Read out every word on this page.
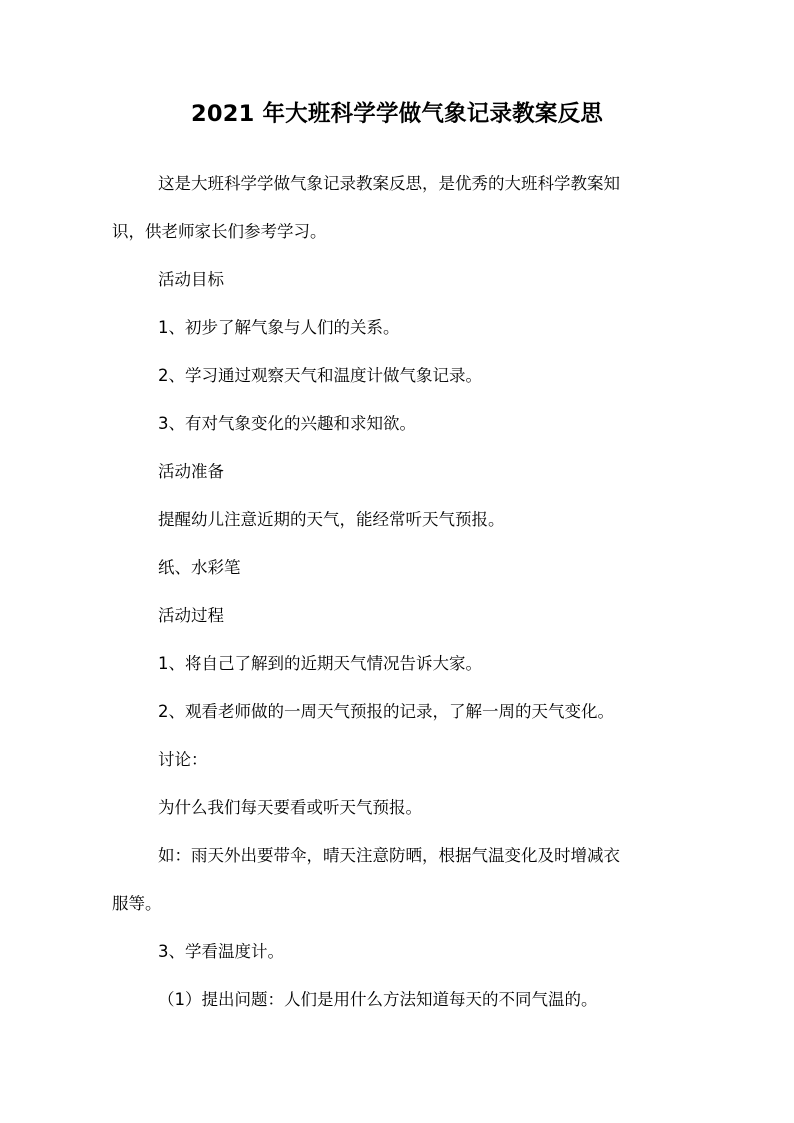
2021 年大班科学学做气象记录教案反思
这是大班科学学做气象记录教案反思，是优秀的大班科学教案知
识，供老师家长们参考学习。
活动目标
1、初步了解气象与人们的关系。
2、学习通过观察天气和温度计做气象记录。
3、有对气象变化的兴趣和求知欲。
活动准备
提醒幼儿注意近期的天气，能经常听天气预报。
纸、水彩笔
活动过程
1、将自己了解到的近期天气情况告诉大家。
2、观看老师做的一周天气预报的记录，了解一周的天气变化。
讨论：
为什么我们每天要看或听天气预报。
如：雨天外出要带伞，晴天注意防晒，根据气温变化及时增减衣
服等。
3、学看温度计。
（1）提出问题：人们是用什么方法知道每天的不同气温的。
